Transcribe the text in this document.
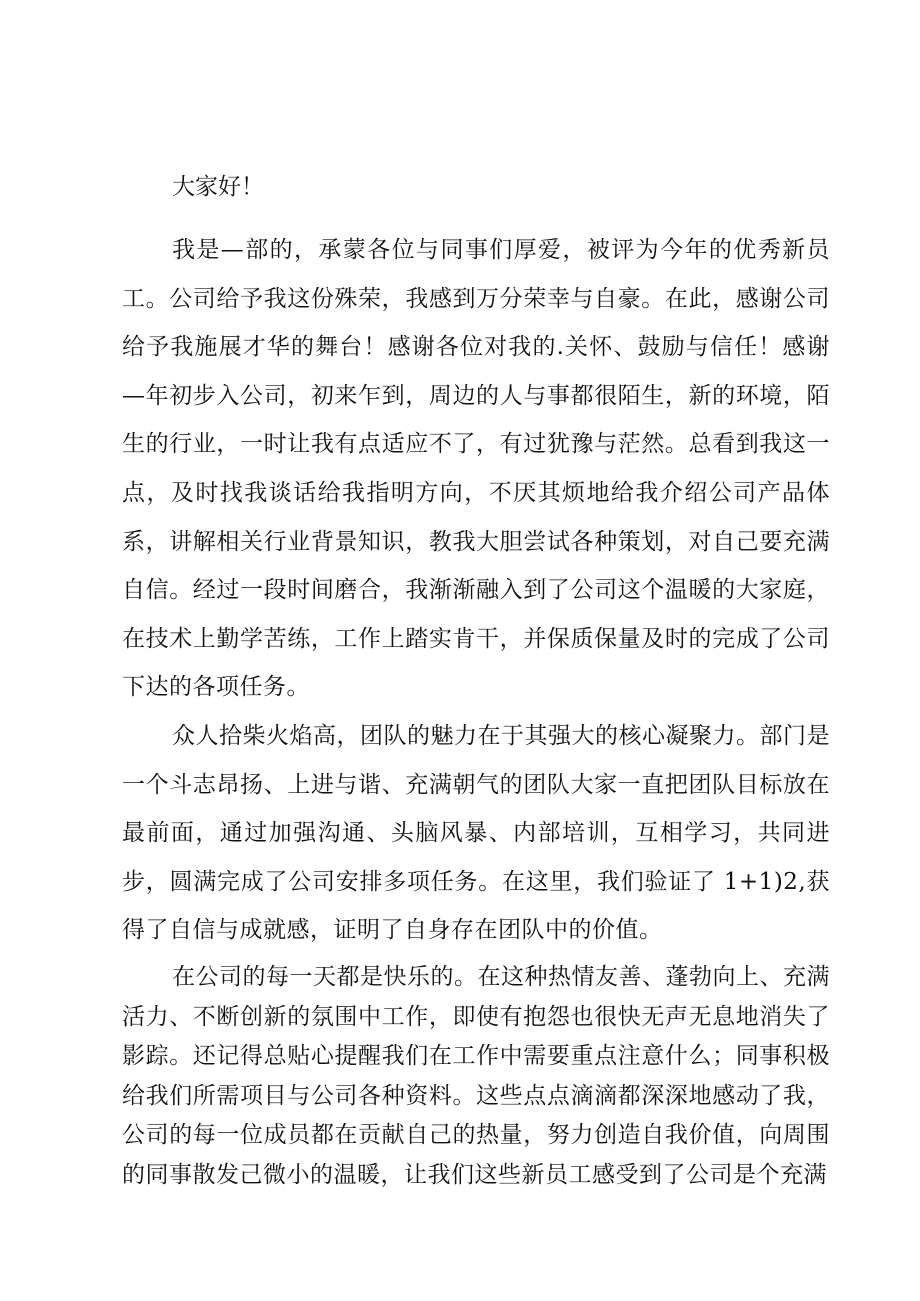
大家好！

我是—部的，承蒙各位与同事们厚爱，被评为今年的优秀新员工。公司给予我这份殊荣，我感到万分荣幸与自豪。在此，感谢公司给予我施展才华的舞台！感谢各位对我的.关怀、鼓励与信任！感谢—年初步入公司，初来乍到，周边的人与事都很陌生，新的环境，陌生的行业，一时让我有点适应不了，有过犹豫与茫然。总看到我这一点，及时找我谈话给我指明方向，不厌其烦地给我介绍公司产品体系，讲解相关行业背景知识，教我大胆尝试各种策划，对自己要充满自信。经过一段时间磨合，我渐渐融入到了公司这个温暖的大家庭，在技术上勤学苦练，工作上踏实肯干，并保质保量及时的完成了公司下达的各项任务。

众人拾柴火焰高，团队的魅力在于其强大的核心凝聚力。部门是一个斗志昂扬、上进与谐、充满朝气的团队大家一直把团队目标放在最前面，通过加强沟通、头脑风暴、内部培训，互相学习，共同进步，圆满完成了公司安排多项任务。在这里，我们验证了 1+1)2,获得了自信与成就感，证明了自身存在团队中的价值。

在公司的每一天都是快乐的。在这种热情友善、蓬勃向上、充满活力、不断创新的氛围中工作，即使有抱怨也很快无声无息地消失了影踪。还记得总贴心提醒我们在工作中需要重点注意什么；同事积极给我们所需项目与公司各种资料。这些点点滴滴都深深地感动了我，公司的每一位成员都在贡献自己的热量，努力创造自我价值，向周围的同事散发己微小的温暖，让我们这些新员工感受到了公司是个充满
